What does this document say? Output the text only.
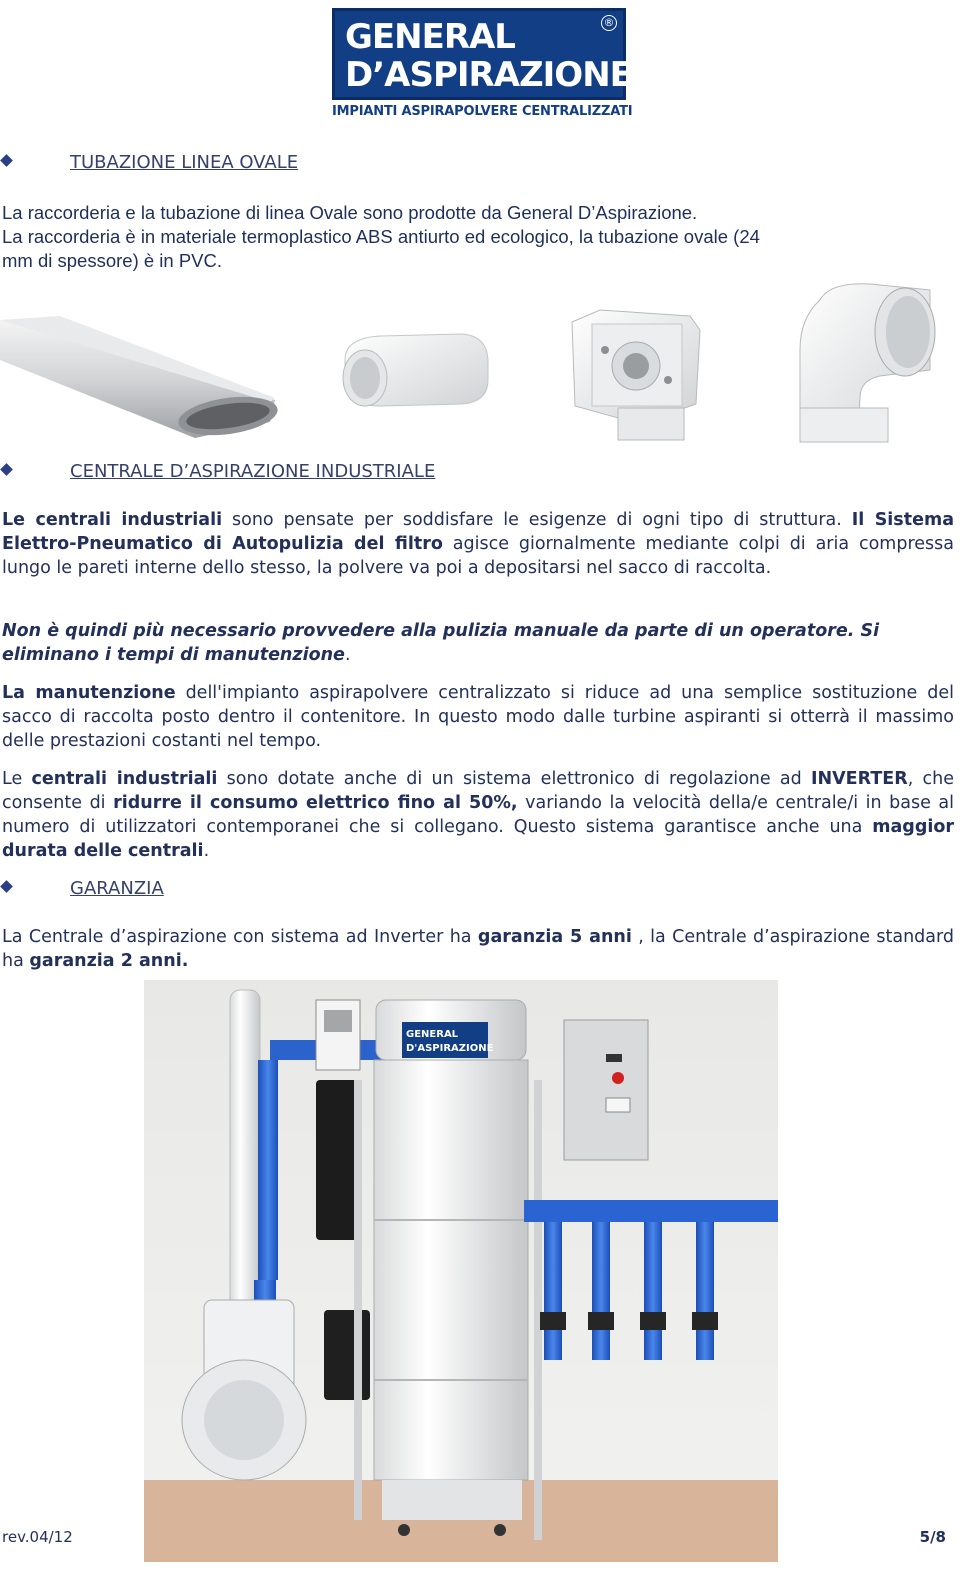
GENERAL
D’ASPIRAZIONE
®
IMPIANTI ASPIRAPOLVERE CENTRALIZZATI
TUBAZIONE LINEA OVALE
La raccorderia e la tubazione di linea Ovale sono prodotte da General D’Aspirazione.
La raccorderia è in materiale termoplastico ABS antiurto ed ecologico, la tubazione ovale (24
mm di spessore) è in PVC.
CENTRALE D’ASPIRAZIONE INDUSTRIALE
Le centrali industriali sono pensate per soddisfare le esigenze di ogni tipo di struttura. Il Sistema Elettro-Pneumatico di Autopulizia del filtro agisce giornalmente mediante colpi di aria compressa lungo le pareti interne dello stesso, la polvere va poi a depositarsi nel sacco di raccolta.
Non è quindi più necessario provvedere alla pulizia manuale da parte di un operatore. Si eliminano i tempi di manutenzione.
La manutenzione dell'impianto aspirapolvere centralizzato si riduce ad una semplice sostituzione del sacco di raccolta posto dentro il contenitore. In questo modo dalle turbine aspiranti si otterrà il massimo delle prestazioni costanti nel tempo.
Le centrali industriali sono dotate anche di un sistema elettronico di regolazione ad INVERTER, che consente di ridurre il consumo elettrico fino al 50%, variando la velocità della/e centrale/i in base al numero di utilizzatori contemporanei che si collegano. Questo sistema garantisce anche una maggior durata delle centrali.
GARANZIA
La Centrale d’aspirazione con sistema ad Inverter ha garanzia 5 anni , la Centrale d’aspirazione standard ha garanzia 2 anni.
GENERAL
D'ASPIRAZIONE
rev.04/12	5/8
